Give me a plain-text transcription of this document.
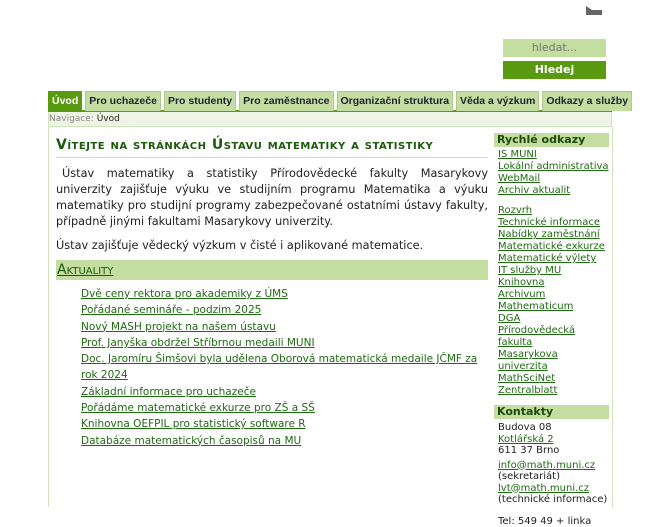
hledat...
Hledej
Navigace: Úvod
Úvod	Pro uchazeče	Pro studenty	Pro zaměstnance	Organizační struktura	Věda a výzkum	Odkazy a služby
Vítejte na stránkách Ústavu matematiky a statistiky

Ústav matematiky a statistiky Přírodovědecké fakulty Masarykovy univerzity zajišťuje výuku ve studijním programu Matematika a výuku matematiky pro studijní programy zabezpečované ostatními ústavy fakulty, případně jinými fakultami Masarykovy univerzity.

Ústav zajišťuje vědecký výzkum v čisté i aplikované matematice.

Aktuality
Dvě ceny rektora pro akademiky z ÚMS
Pořádané semináře - podzim 2025
Nový MASH projekt na našem ústavu
Prof. Janyška obdržel Stříbrnou medaili MUNI
Doc. Jaromíru Šimšovi byla udělena Oborová matematická medaile JČMF za rok 2024
Základní informace pro uchazeče
Pořádáme matematické exkurze pro ZŠ a SŠ
Knihovna OEFPIL pro statistický software R
Databáze matematických časopisů na MU
Rychlé odkazy
IS MUNI
Lokální administrativa
WebMail
Archiv aktualit
Rozvrh
Technické informace
Nabídky zaměstnání
Matematické exkurze
Matematické výlety
IT služby MU
Knihovna
Archivum Mathematicum
DGA
Přírodovědecká fakulta
Masarykova univerzita
MathSciNet
Zentralblatt
Kontakty
Budova 08
Kotlářská 2
611 37 Brno
info@math.muni.cz
(sekretariát)
lvt@math.muni.cz (technické informace)
Tel: 549 49 + linka
